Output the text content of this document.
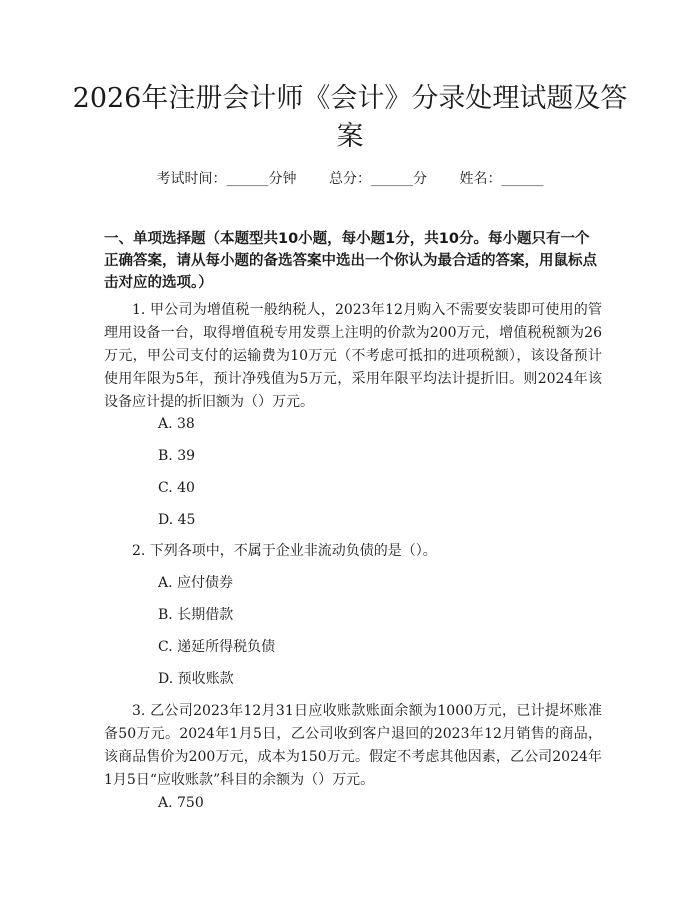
2026年注册会计师《会计》分录处理试题及答案
考试时间：______分钟 总分：______分 姓名：______

一、单项选择题（本题型共10小题，每小题1分，共10分。每小题只有一个正确答案，请从每小题的备选答案中选出一个你认为最合适的答案，用鼠标点击对应的选项。）

1. 甲公司为增值税一般纳税人，2023年12月购入不需要安装即可使用的管理用设备一台，取得增值税专用发票上注明的价款为200万元，增值税税额为26万元，甲公司支付的运输费为10万元（不考虑可抵扣的进项税额），该设备预计使用年限为5年，预计净残值为5万元，采用年限平均法计提折旧。则2024年该设备应计提的折旧额为（）万元。

A. 38
B. 39
C. 40
D. 45

2. 下列各项中，不属于企业非流动负债的是（）。

A. 应付债券
B. 长期借款
C. 递延所得税负债
D. 预收账款

3. 乙公司2023年12月31日应收账款账面余额为1000万元，已计提坏账准备50万元。2024年1月5日，乙公司收到客户退回的2023年12月销售的商品，该商品售价为200万元，成本为150万元。假定不考虑其他因素，乙公司2024年1月5日“应收账款”科目的余额为（）万元。

A. 750
